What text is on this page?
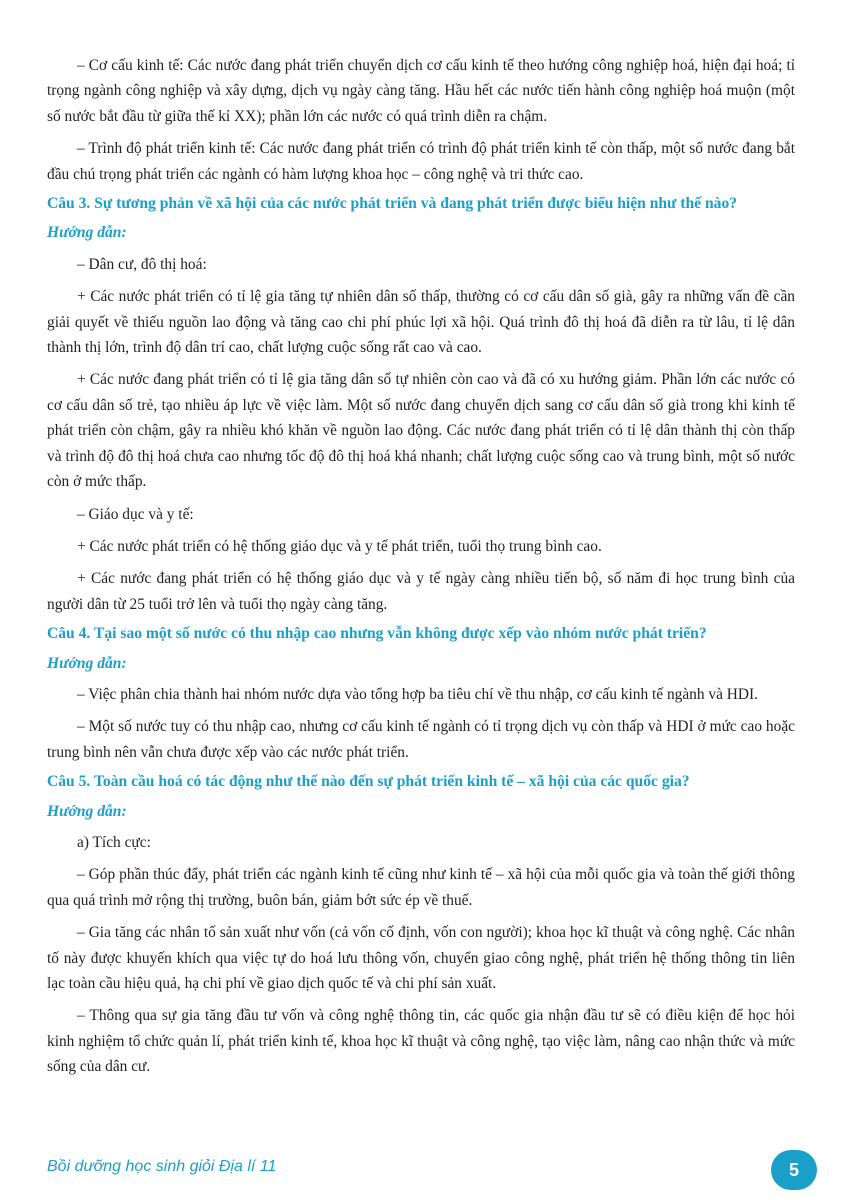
– Cơ cấu kinh tế: Các nước đang phát triển chuyển dịch cơ cấu kinh tế theo hướng công nghiệp hoá, hiện đại hoá; tỉ trọng ngành công nghiệp và xây dựng, dịch vụ ngày càng tăng. Hầu hết các nước tiến hành công nghiệp hoá muộn (một số nước bắt đầu từ giữa thế kỉ XX); phần lớn các nước có quá trình diễn ra chậm.

– Trình độ phát triển kinh tế: Các nước đang phát triển có trình độ phát triển kinh tế còn thấp, một số nước đang bắt đầu chú trọng phát triển các ngành có hàm lượng khoa học – công nghệ và tri thức cao.

Câu 3. Sự tương phản về xã hội của các nước phát triển và đang phát triển được biểu hiện như thế nào?
Hướng dẫn:

– Dân cư, đô thị hoá:

+ Các nước phát triển có tỉ lệ gia tăng tự nhiên dân số thấp, thường có cơ cấu dân số già, gây ra những vấn đề cần giải quyết về thiếu nguồn lao động và tăng cao chi phí phúc lợi xã hội. Quá trình đô thị hoá đã diễn ra từ lâu, tỉ lệ dân thành thị lớn, trình độ dân trí cao, chất lượng cuộc sống rất cao và cao.

+ Các nước đang phát triển có tỉ lệ gia tăng dân số tự nhiên còn cao và đã có xu hướng giảm. Phần lớn các nước có cơ cấu dân số trẻ, tạo nhiều áp lực về việc làm. Một số nước đang chuyển dịch sang cơ cấu dân số già trong khi kinh tế phát triển còn chậm, gây ra nhiều khó khăn về nguồn lao động. Các nước đang phát triển có tỉ lệ dân thành thị còn thấp và trình độ đô thị hoá chưa cao nhưng tốc độ đô thị hoá khá nhanh; chất lượng cuộc sống cao và trung bình, một số nước còn ở mức thấp.

– Giáo dục và y tế:

+ Các nước phát triển có hệ thống giáo dục và y tế phát triển, tuổi thọ trung bình cao.

+ Các nước đang phát triển có hệ thống giáo dục và y tế ngày càng nhiều tiến bộ, số năm đi học trung bình của người dân từ 25 tuổi trở lên và tuổi thọ ngày càng tăng.

Câu 4. Tại sao một số nước có thu nhập cao nhưng vẫn không được xếp vào nhóm nước phát triển?
Hướng dẫn:

– Việc phân chia thành hai nhóm nước dựa vào tổng hợp ba tiêu chí về thu nhập, cơ cấu kinh tế ngành và HDI.

– Một số nước tuy có thu nhập cao, nhưng cơ cấu kinh tế ngành có tỉ trọng dịch vụ còn thấp và HDI ở mức cao hoặc trung bình nên vẫn chưa được xếp vào các nước phát triển.

Câu 5. Toàn cầu hoá có tác động như thế nào đến sự phát triển kinh tế – xã hội của các quốc gia?
Hướng dẫn:

a) Tích cực:

– Góp phần thúc đẩy, phát triển các ngành kinh tế cũng như kinh tế – xã hội của mỗi quốc gia và toàn thế giới thông qua quá trình mở rộng thị trường, buôn bán, giảm bớt sức ép về thuế.

– Gia tăng các nhân tố sản xuất như vốn (cả vốn cố định, vốn con người); khoa học kĩ thuật và công nghệ. Các nhân tố này được khuyến khích qua việc tự do hoá lưu thông vốn, chuyển giao công nghệ, phát triển hệ thống thông tin liên lạc toàn cầu hiệu quả, hạ chi phí về giao dịch quốc tế và chi phí sản xuất.

– Thông qua sự gia tăng đầu tư vốn và công nghệ thông tin, các quốc gia nhận đầu tư sẽ có điều kiện để học hỏi kinh nghiệm tổ chức quản lí, phát triển kinh tế, khoa học kĩ thuật và công nghệ, tạo việc làm, nâng cao nhận thức và mức sống của dân cư.

Bồi dưỡng học sinh giỏi Địa lí 11	5
